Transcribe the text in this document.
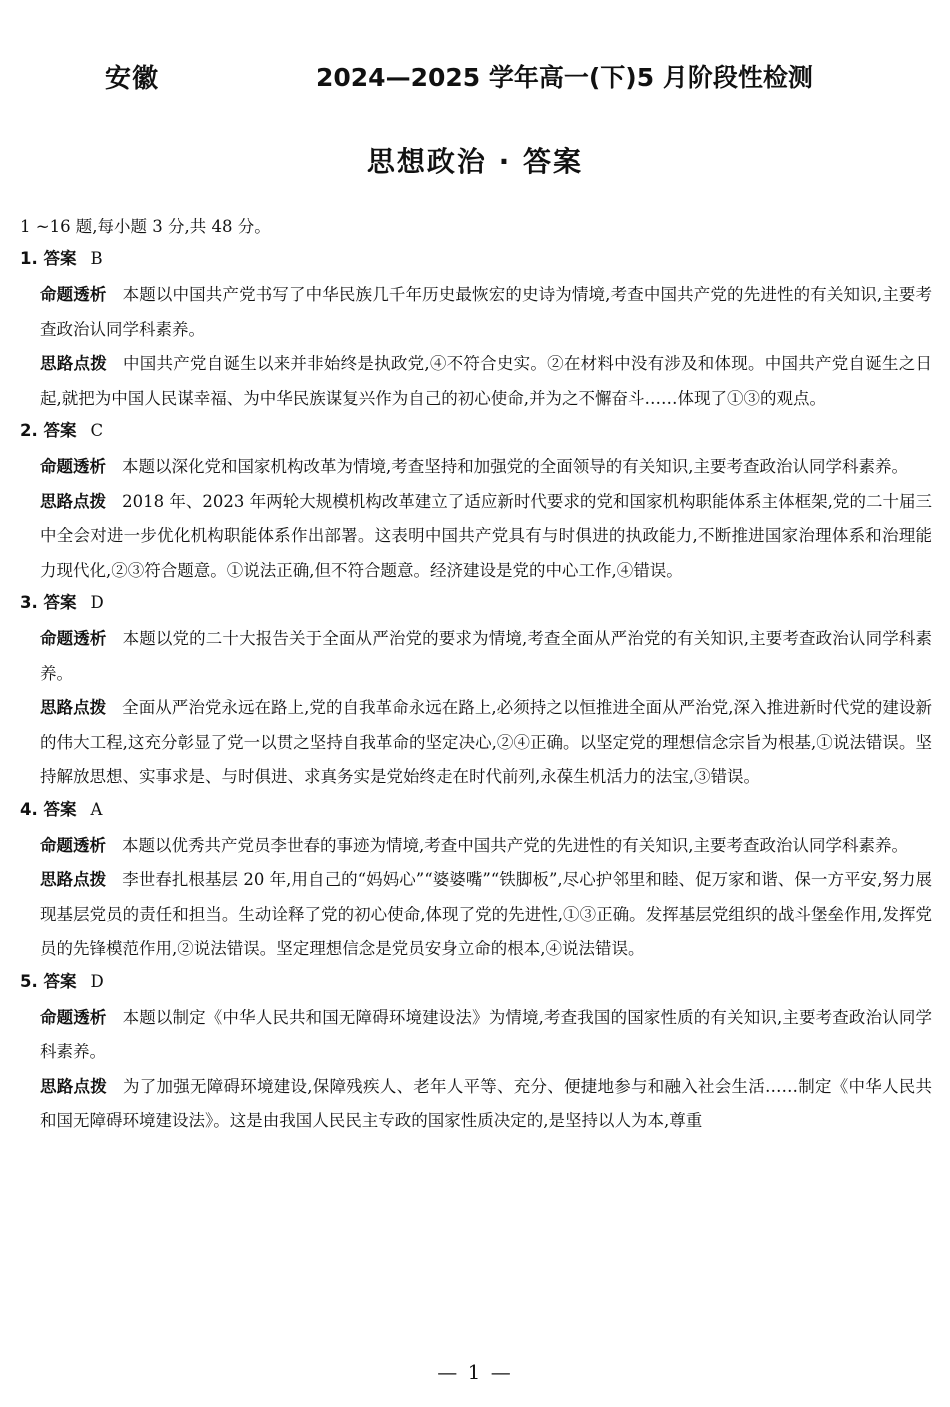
安徽	2024—2025 学年高一(下)5 月阶段性检测
思想政治 · 答案
1 ~16 题,每小题 3 分,共 48 分。
1. 答案 B
命题透析 本题以中国共产党书写了中华民族几千年历史最恢宏的史诗为情境,考查中国共产党的先进性的有关知识,主要考查政治认同学科素养。
思路点拨 中国共产党自诞生以来并非始终是执政党,④不符合史实。②在材料中没有涉及和体现。中国共产党自诞生之日起,就把为中国人民谋幸福、为中华民族谋复兴作为自己的初心使命,并为之不懈奋斗……体现了①③的观点。
2. 答案 C
命题透析 本题以深化党和国家机构改革为情境,考查坚持和加强党的全面领导的有关知识,主要考查政治认同学科素养。
思路点拨 2018 年、2023 年两轮大规模机构改革建立了适应新时代要求的党和国家机构职能体系主体框架,党的二十届三中全会对进一步优化机构职能体系作出部署。这表明中国共产党具有与时俱进的执政能力,不断推进国家治理体系和治理能力现代化,②③符合题意。①说法正确,但不符合题意。经济建设是党的中心工作,④错误。
3. 答案 D
命题透析 本题以党的二十大报告关于全面从严治党的要求为情境,考查全面从严治党的有关知识,主要考查政治认同学科素养。
思路点拨 全面从严治党永远在路上,党的自我革命永远在路上,必须持之以恒推进全面从严治党,深入推进新时代党的建设新的伟大工程,这充分彰显了党一以贯之坚持自我革命的坚定决心,②④正确。以坚定党的理想信念宗旨为根基,①说法错误。坚持解放思想、实事求是、与时俱进、求真务实是党始终走在时代前列,永葆生机活力的法宝,③错误。
4. 答案 A
命题透析 本题以优秀共产党员李世春的事迹为情境,考查中国共产党的先进性的有关知识,主要考查政治认同学科素养。
思路点拨 李世春扎根基层 20 年,用自己的“妈妈心”“婆婆嘴”“铁脚板”,尽心护邻里和睦、促万家和谐、保一方平安,努力展现基层党员的责任和担当。生动诠释了党的初心使命,体现了党的先进性,①③正确。发挥基层党组织的战斗堡垒作用,发挥党员的先锋模范作用,②说法错误。坚定理想信念是党员安身立命的根本,④说法错误。
5. 答案 D
命题透析 本题以制定《中华人民共和国无障碍环境建设法》为情境,考查我国的国家性质的有关知识,主要考查政治认同学科素养。
思路点拨 为了加强无障碍环境建设,保障残疾人、老年人平等、充分、便捷地参与和融入社会生活……制定《中华人民共和国无障碍环境建设法》。这是由我国人民民主专政的国家性质决定的,是坚持以人为本,尊重
— 1 —
